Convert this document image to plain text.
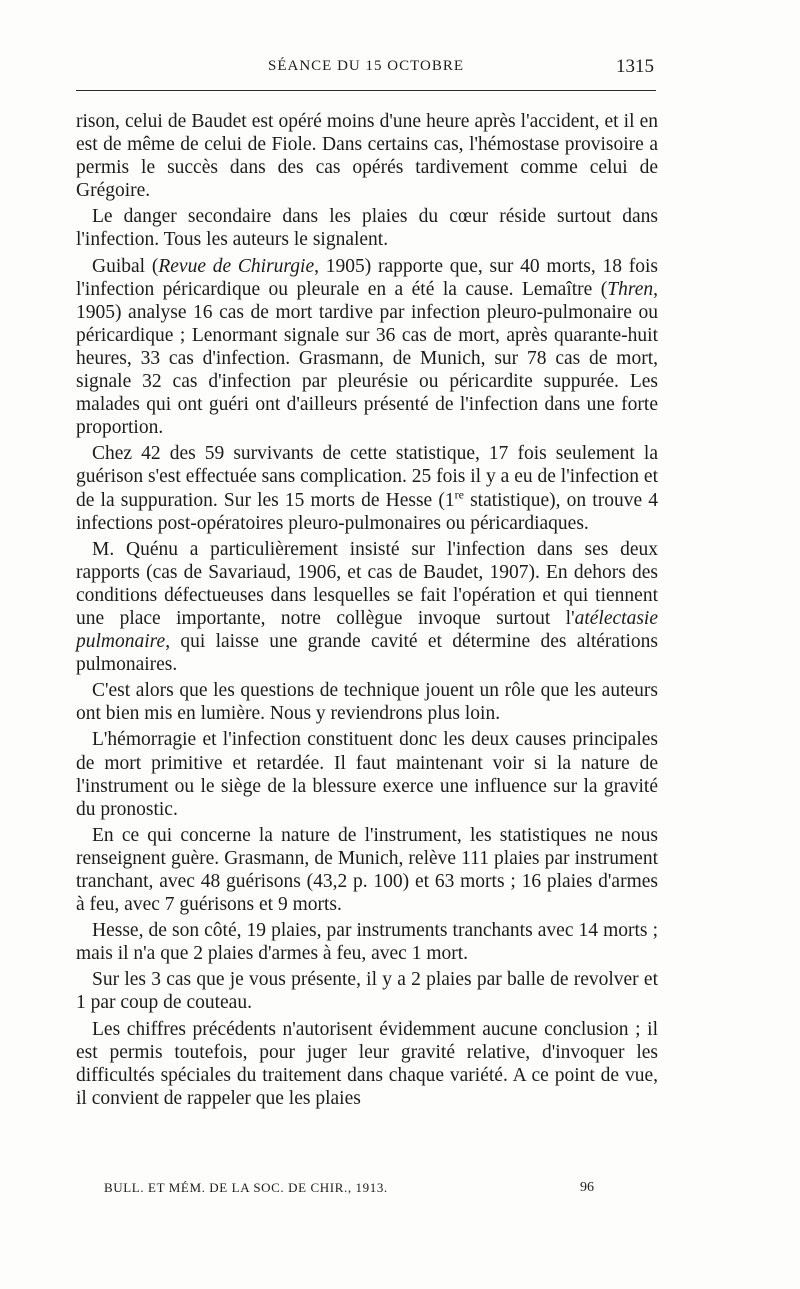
SÉANCE DU 15 OCTOBRE	1315

rison, celui de Baudet est opéré moins d'une heure après l'accident, et il en est de même de celui de Fiole. Dans certains cas, l'hémostase provisoire a permis le succès dans des cas opérés tardivement comme celui de Grégoire.

Le danger secondaire dans les plaies du cœur réside surtout dans l'infection. Tous les auteurs le signalent.

Guibal (Revue de Chirurgie, 1905) rapporte que, sur 40 morts, 18 fois l'infection péricardique ou pleurale en a été la cause. Lemaître (Thren, 1905) analyse 16 cas de mort tardive par infection pleuro-pulmonaire ou péricardique ; Lenormant signale sur 36 cas de mort, après quarante-huit heures, 33 cas d'infection. Grasmann, de Munich, sur 78 cas de mort, signale 32 cas d'infection par pleurésie ou péricardite suppurée. Les malades qui ont guéri ont d'ailleurs présenté de l'infection dans une forte proportion.

Chez 42 des 59 survivants de cette statistique, 17 fois seulement la guérison s'est effectuée sans complication. 25 fois il y a eu de l'infection et de la suppuration. Sur les 15 morts de Hesse (1re statistique), on trouve 4 infections post-opératoires pleuro-pulmonaires ou péricardiaques.

M. Quénu a particulièrement insisté sur l'infection dans ses deux rapports (cas de Savariaud, 1906, et cas de Baudet, 1907). En dehors des conditions défectueuses dans lesquelles se fait l'opération et qui tiennent une place importante, notre collègue invoque surtout l'atélectasie pulmonaire, qui laisse une grande cavité et détermine des altérations pulmonaires.

C'est alors que les questions de technique jouent un rôle que les auteurs ont bien mis en lumière. Nous y reviendrons plus loin.

L'hémorragie et l'infection constituent donc les deux causes principales de mort primitive et retardée. Il faut maintenant voir si la nature de l'instrument ou le siège de la blessure exerce une influence sur la gravité du pronostic.

En ce qui concerne la nature de l'instrument, les statistiques ne nous renseignent guère. Grasmann, de Munich, relève 111 plaies par instrument tranchant, avec 48 guérisons (43,2 p. 100) et 63 morts ; 16 plaies d'armes à feu, avec 7 guérisons et 9 morts.

Hesse, de son côté, 19 plaies, par instruments tranchants avec 14 morts ; mais il n'a que 2 plaies d'armes à feu, avec 1 mort.

Sur les 3 cas que je vous présente, il y a 2 plaies par balle de revolver et 1 par coup de couteau.

Les chiffres précédents n'autorisent évidemment aucune conclusion ; il est permis toutefois, pour juger leur gravité relative, d'invoquer les difficultés spéciales du traitement dans chaque variété. A ce point de vue, il convient de rappeler que les plaies

BULL. ET MÉM. DE LA SOC. DE CHIR., 1913.	96
